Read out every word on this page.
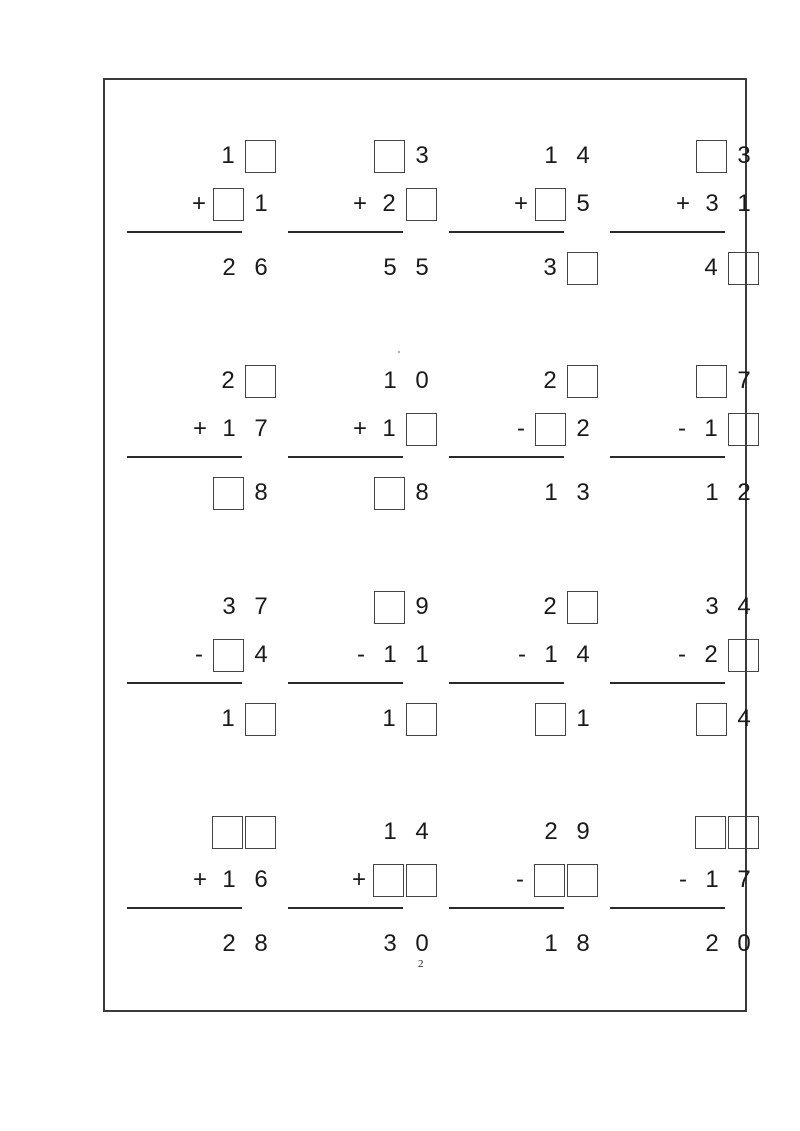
1
+	1
2 6
3
+ 2
5 5
1 4
+	5
3
3
+ 3 1
4
2
+ 1 7
8
1 0
+ 1
8
2
-	2
1 3
7
- 1
1 2
3 7
-	4
1
9
- 1 1
1
2
- 1 4
1
3 4
- 2
4
+ 1 6
2 8
1 4
+
3 0
2 9
-
1 8
- 1 7
2 0
2
